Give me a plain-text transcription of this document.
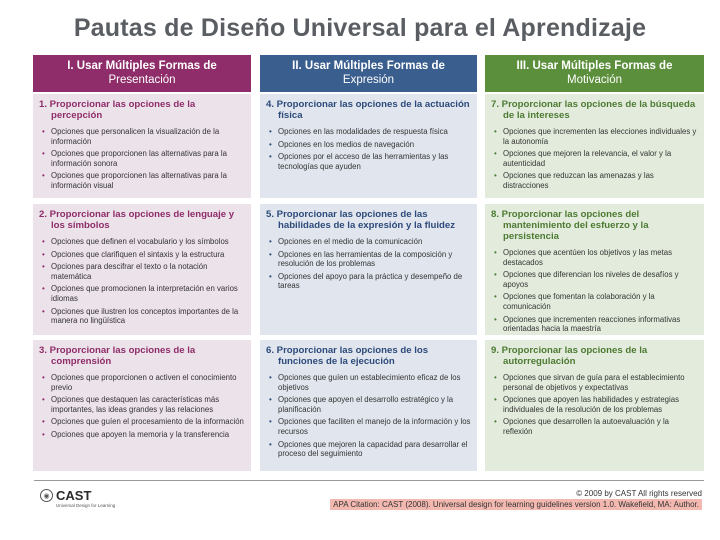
Pautas de Diseño Universal para el Aprendizaje
I. Usar Múltiples Formas de
Presentación
II. Usar Múltiples Formas de
Expresión
III. Usar Múltiples Formas de
Motivación
1. Proporcionar las opciones de la percepción
• Opciones que personalicen la visualización de la información
• Opciones que proporcionen las alternativas para la información sonora
• Opciones que proporcionen las alternativas para la información visual
4. Proporcionar las opciones de la actuación física
• Opciones en las modalidades de respuesta física
• Opciones en los medios de navegación
• Opciones por el acceso de las herramientas y las tecnologías que ayuden
7. Proporcionar las opciones de la búsqueda de la intereses
• Opciones que incrementen las elecciones individuales y la autonomía
• Opciones que mejoren la relevancia, el valor y la autenticidad
• Opciones que reduzcan las amenazas y las distracciones
2. Proporcionar las opciones de lenguaje y los símbolos
• Opciones que definen el vocabulario y los símbolos
• Opciones que clarifiquen el sintaxis y la estructura
• Opciones para descifrar el texto o la notación matemática
• Opciones que promocionen la interpretación en varios idiomas
• Opciones que ilustren los conceptos importantes de la manera no lingüística
5. Proporcionar las opciones de las habilidades de la expresión y la fluidez
• Opciones en el medio de la comunicación
• Opciones en las herramientas de la composición y resolución de los problemas
• Opciones del apoyo para la práctica y desempeño de tareas
8. Proporcionar las opciones del mantenimiento del esfuerzo y la persistencia
• Opciones que acentúen los objetivos y las metas destacados
• Opciones que diferencian los niveles de desafíos y apoyos
• Opciones que fomentan la colaboración y la comunicación
• Opciones que incrementen reacciones informativas orientadas hacia la maestría
3. Proporcionar las opciones de la comprensión
• Opciones que proporcionen o activen el conocimiento previo
• Opciones que destaquen las características más importantes, las ideas grandes y las relaciones
• Opciones que guíen el procesamiento de la información
• Opciones que apoyen la memoria y la transferencia
6. Proporcionar las opciones de los funciones de la ejecución
• Opciones que guíen un establecimiento eficaz de los objetivos
• Opciones que apoyen el desarrollo estratégico y la planificación
• Opciones que faciliten el manejo de la información y los recursos
• Opciones que mejoren la capacidad para desarrollar el proceso del seguimiento
9. Proporcionar las opciones de la autorregulación
• Opciones que sirvan de guía para el establecimiento personal de objetivos y expectativas
• Opciones que apoyen las habilidades y estrategias individuales de la resolución de los problemas
• Opciones que desarrollen la autoevaluación y la reflexión
◉ CAST
Universal Design for Learning
© 2009 by CAST All rights reserved
APA Citation: CAST (2008). Universal design for learning guidelines version 1.0. Wakefield, MA: Author.
